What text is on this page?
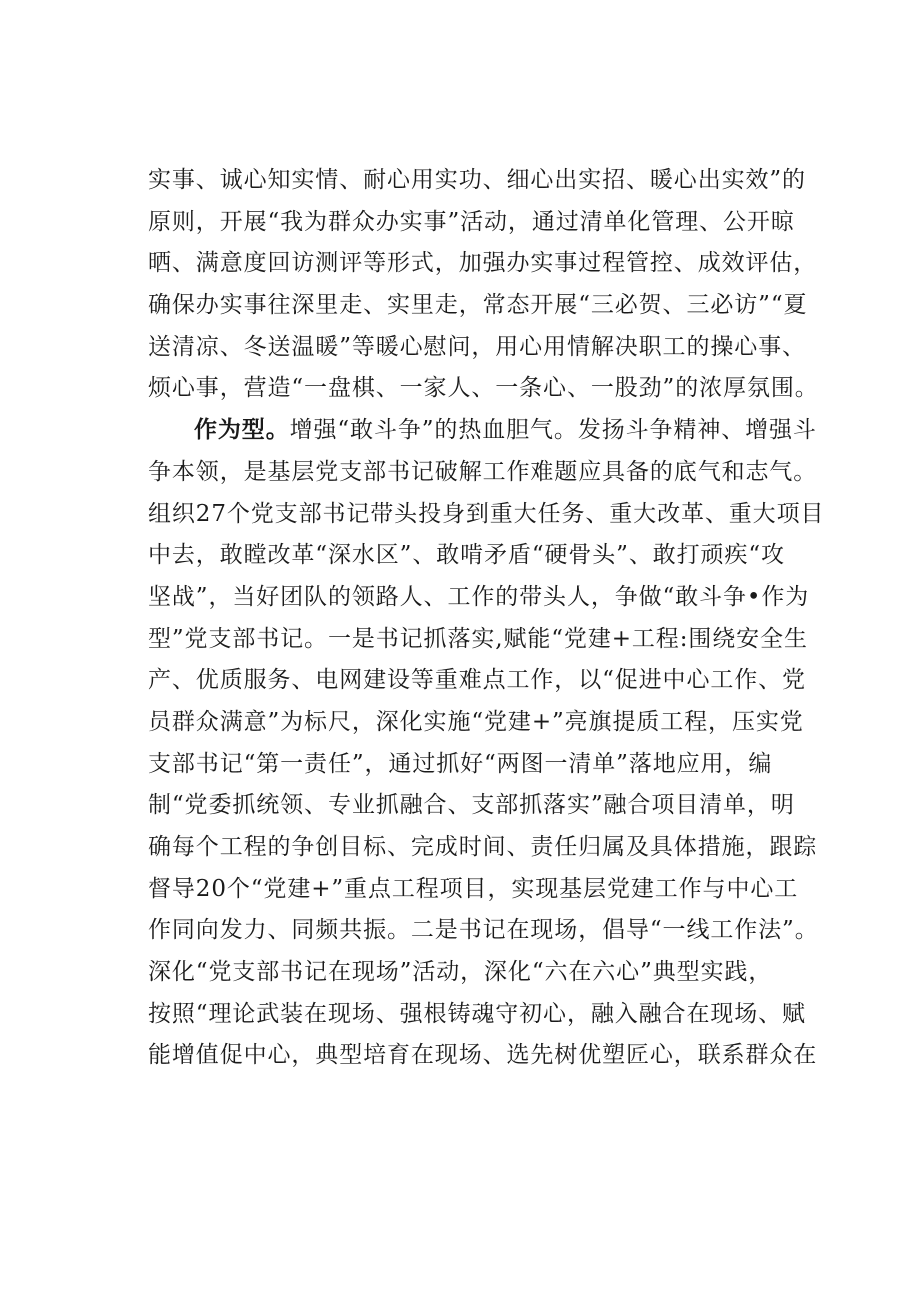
实事、诚心知实情、耐心用实功、细心出实招、暖心出实效”的
原则，开展“我为群众办实事”活动，通过清单化管理、公开晾
晒、满意度回访测评等形式，加强办实事过程管控、成效评估，
确保办实事往深里走、实里走，常态开展“三必贺、三必访”“夏
送清凉、冬送温暖”等暖心慰问，用心用情解决职工的操心事、
烦心事，营造“一盘棋、一家人、一条心、一股劲”的浓厚氛围。
作为型。增强“敢斗争”的热血胆气。发扬斗争精神、增强斗
争本领，是基层党支部书记破解工作难题应具备的底气和志气。
组织27个党支部书记带头投身到重大任务、重大改革、重大项目
中去，敢瞠改革“深水区”、敢啃矛盾“硬骨头”、敢打顽疾“攻
坚战”，当好团队的领路人、工作的带头人，争做“敢斗争•作为
型”党支部书记。一是书记抓落实,赋能“党建+工程:围绕安全生
产、优质服务、电网建设等重难点工作，以“促进中心工作、党
员群众满意”为标尺，深化实施“党建+”亮旗提质工程，压实党
支部书记“第一责任”，通过抓好“两图一清单”落地应用，编
制“党委抓统领、专业抓融合、支部抓落实”融合项目清单，明
确每个工程的争创目标、完成时间、责任归属及具体措施，跟踪
督导20个“党建+”重点工程项目，实现基层党建工作与中心工
作同向发力、同频共振。二是书记在现场，倡导“一线工作法”。
深化“党支部书记在现场”活动，深化“六在六心”典型实践，
按照“理论武装在现场、强根铸魂守初心，融入融合在现场、赋
能增值促中心，典型培育在现场、选先树优塑匠心，联系群众在
